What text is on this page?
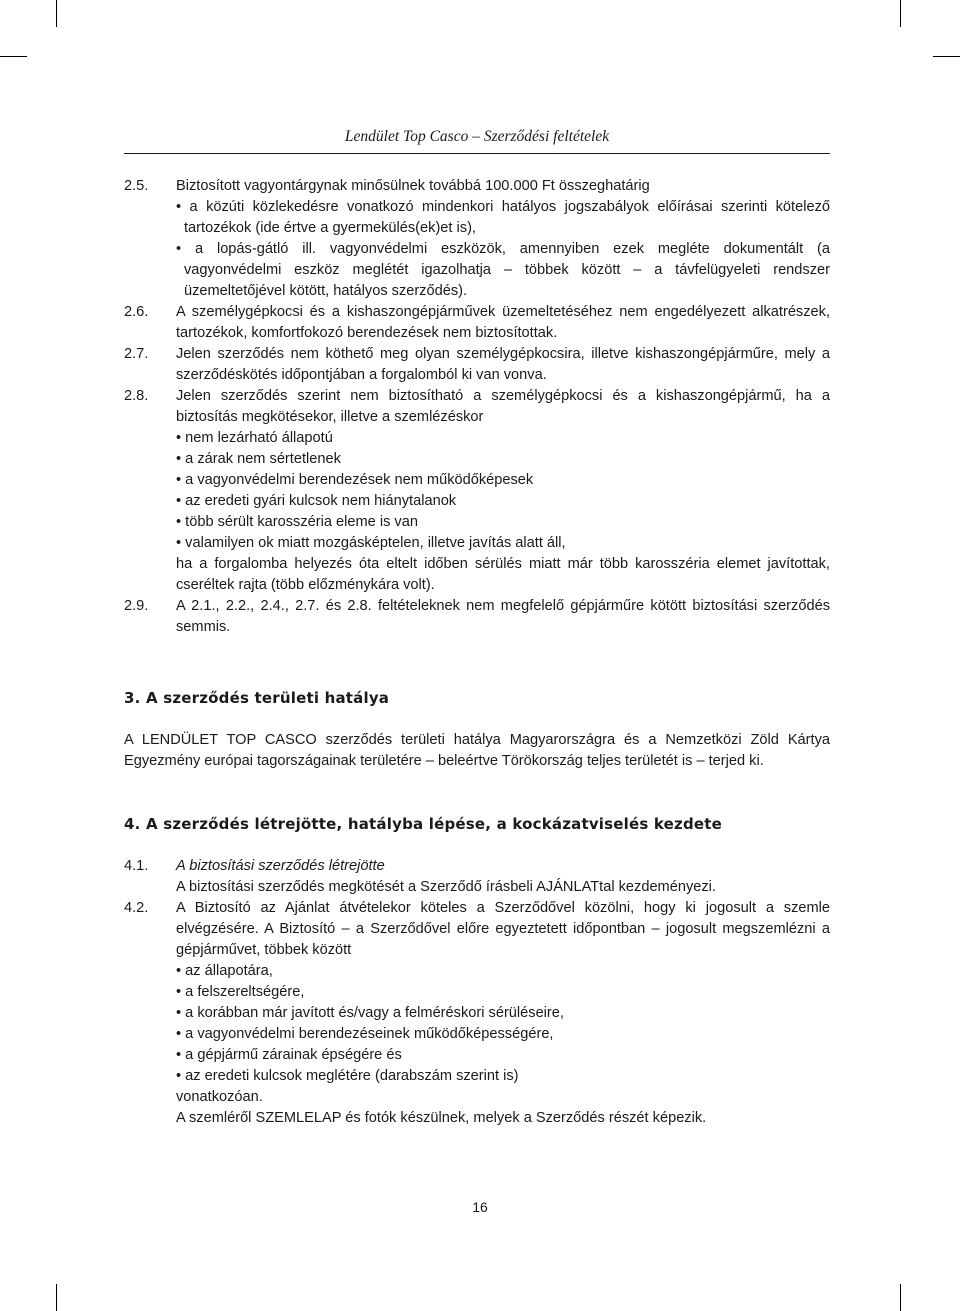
Lendület Top Casco – Szerződési feltételek
2.5.	Biztosított vagyontárgynak minősülnek továbbá 100.000 Ft összeghatárig
• a közúti közlekedésre vonatkozó mindenkori hatályos jogszabályok előírásai szerinti kötelező tartozékok (ide értve a gyermekülés(ek)et is),
• a lopás-gátló ill. vagyonvédelmi eszközök, amennyiben ezek megléte dokumentált (a vagyonvédelmi eszköz meglétét igazolhatja – többek között – a távfelügyeleti rendszer üzemeltetőjével kötött, hatályos szerződés).
2.6.	A személygépkocsi és a kishaszongépjárművek üzemeltetéséhez nem engedélyezett alkatrészek, tartozékok, komfortfokozó berendezések nem biztosítottak.
2.7.	Jelen szerződés nem köthető meg olyan személygépkocsira, illetve kishaszongépjárműre, mely a szerződéskötés időpontjában a forgalomból ki van vonva.
2.8.	Jelen szerződés szerint nem biztosítható a személygépkocsi és a kishaszongépjármű, ha a biztosítás megkötésekor, illetve a szemlézéskor
• nem lezárható állapotú
• a zárak nem sértetlenek
• a vagyonvédelmi berendezések nem működőképesek
• az eredeti gyári kulcsok nem hiánytalanok
• több sérült karosszéria eleme is van
• valamilyen ok miatt mozgásképtelen, illetve javítás alatt áll,
ha a forgalomba helyezés óta eltelt időben sérülés miatt már több karosszéria elemet javítottak, cseréltek rajta (több előzménykára volt).
2.9.	A 2.1., 2.2., 2.4., 2.7. és 2.8. feltételeknek nem megfelelő gépjárműre kötött biztosítási szerződés semmis.
3. A szerződés területi hatálya
A LENDÜLET TOP CASCO szerződés területi hatálya Magyarországra és a Nemzetközi Zöld Kártya Egyezmény európai tagországainak területére – beleértve Törökország teljes területét is – terjed ki.
4. A szerződés létrejötte, hatályba lépése, a kockázatviselés kezdete
4.1.	A biztosítási szerződés létrejötte
A biztosítási szerződés megkötését a Szerződő írásbeli AJÁNLATtal kezdeményezi.
4.2.	A Biztosító az Ajánlat átvételekor köteles a Szerződővel közölni, hogy ki jogosult a szemle elvégzésére. A Biztosító – a Szerződővel előre egyeztetett időpontban – jogosult megszemlézni a gépjárművet, többek között
• az állapotára,
• a felszereltségére,
• a korábban már javított és/vagy a felméréskori sérüléseire,
• a vagyonvédelmi berendezéseinek működőképességére,
• a gépjármű zárainak épségére és
• az eredeti kulcsok meglétére (darabszám szerint is)
vonatkozóan.
A szemléről SZEMLELAP és fotók készülnek, melyek a Szerződés részét képezik.
16
